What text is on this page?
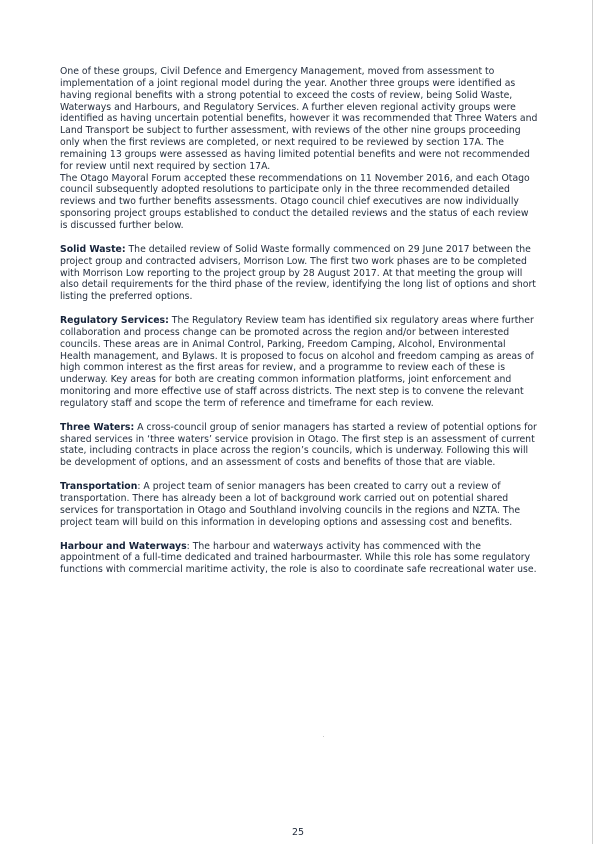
One of these groups, Civil Defence and Emergency Management, moved from assessment to implementation of a joint regional model during the year. Another three groups were identified as having regional benefits with a strong potential to exceed the costs of review, being Solid Waste, Waterways and Harbours, and Regulatory Services. A further eleven regional activity groups were identified as having uncertain potential benefits, however it was recommended that Three Waters and Land Transport be subject to further assessment, with reviews of the other nine groups proceeding only when the first reviews are completed, or next required to be reviewed by section 17A. The remaining 13 groups were assessed as having limited potential benefits and were not recommended for review until next required by section 17A.

The Otago Mayoral Forum accepted these recommendations on 11 November 2016, and each Otago council subsequently adopted resolutions to participate only in the three recommended detailed reviews and two further benefits assessments. Otago council chief executives are now individually sponsoring project groups established to conduct the detailed reviews and the status of each review is discussed further below.

Solid Waste: The detailed review of Solid Waste formally commenced on 29 June 2017 between the project group and contracted advisers, Morrison Low. The first two work phases are to be completed with Morrison Low reporting to the project group by 28 August 2017. At that meeting the group will also detail requirements for the third phase of the review, identifying the long list of options and short listing the preferred options.

Regulatory Services: The Regulatory Review team has identified six regulatory areas where further collaboration and process change can be promoted across the region and/or between interested councils. These areas are in Animal Control, Parking, Freedom Camping, Alcohol, Environmental Health management, and Bylaws. It is proposed to focus on alcohol and freedom camping as areas of high common interest as the first areas for review, and a programme to review each of these is underway. Key areas for both are creating common information platforms, joint enforcement and monitoring and more effective use of staff across districts. The next step is to convene the relevant regulatory staff and scope the term of reference and timeframe for each review.

Three Waters: A cross-council group of senior managers has started a review of potential options for shared services in ‘three waters’ service provision in Otago. The first step is an assessment of current state, including contracts in place across the region’s councils, which is underway. Following this will be development of options, and an assessment of costs and benefits of those that are viable.

Transportation: A project team of senior managers has been created to carry out a review of transportation. There has already been a lot of background work carried out on potential shared services for transportation in Otago and Southland involving councils in the regions and NZTA. The project team will build on this information in developing options and assessing cost and benefits.

Harbour and Waterways: The harbour and waterways activity has commenced with the appointment of a full-time dedicated and trained harbourmaster. While this role has some regulatory functions with commercial maritime activity, the role is also to coordinate safe recreational water use.

25
